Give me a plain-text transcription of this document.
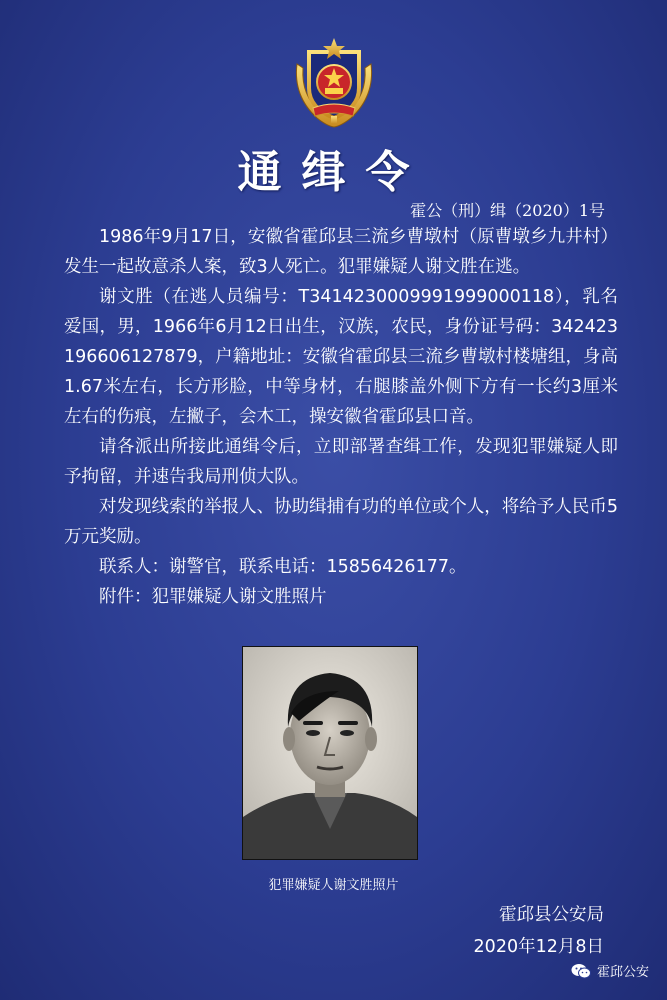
通缉令
霍公（刑）缉（2020）1号

1986年9月17日，安徽省霍邱县三流乡曹墩村（原曹墩乡九井村）发生一起故意杀人案，致3人死亡。犯罪嫌疑人谢文胜在逃。

谢文胜（在逃人员编号：T3414230009991999000118），乳名爱国，男，1966年6月12日出生，汉族，农民，身份证号码：342423196606127879，户籍地址：安徽省霍邱县三流乡曹墩村楼塘组，身高1.67米左右，长方形脸，中等身材，右腿膝盖外侧下方有一长约3厘米左右的伤痕，左撇子，会木工，操安徽省霍邱县口音。

请各派出所接此通缉令后，立即部署查缉工作，发现犯罪嫌疑人即予拘留，并速告我局刑侦大队。

对发现线索的举报人、协助缉捕有功的单位或个人，将给予人民币5万元奖励。

联系人：谢警官，联系电话：15856426177。

附件：犯罪嫌疑人谢文胜照片

犯罪嫌疑人谢文胜照片
霍邱县公安局
2020年12月8日
霍邱公安
